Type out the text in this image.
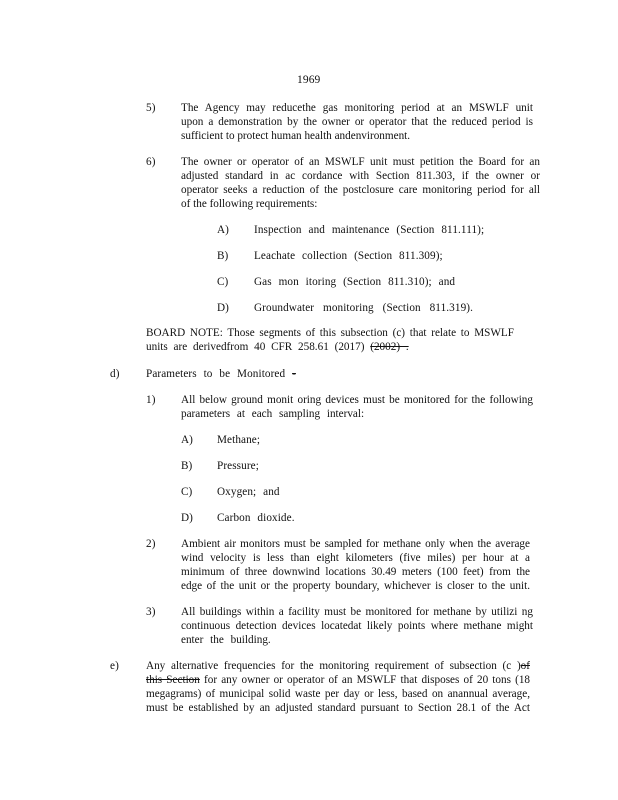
1969
5) The Agency may reducethe gas monitoring period at an MSWLF unit
upon a demonstration by the owner or operator that the reduced period is
sufficient to protect human health andenvironment.
6) The owner or operator of an MSWLF unit must petition the Board for an
adjusted standard in ac cordance with Section 811.303, if the owner or
operator seeks a reduction of the postclosure care monitoring period for all
of the following requirements:
A) Inspection and maintenance (Section 811.111);
B) Leachate collection (Section 811.309);
C) Gas mon itoring (Section 811.310); and
D) Groundwater monitoring (Section 811.319).
BOARD NOTE: Those segments of this subsection (c) that relate to MSWLF
units are derivedfrom 40 CFR 258.61 (2017) (2002) .
d) Parameters to be Monitored -
1) All below ground monit oring devices must be monitored for the following
parameters at each sampling interval:
A) Methane;
B) Pressure;
C) Oxygen; and
D) Carbon dioxide.
2) Ambient air monitors must be sampled for methane only when the average
wind velocity is less than eight kilometers (five miles) per hour at a
minimum of three downwind locations 30.49 meters (100 feet) from the
edge of the unit or the property boundary, whichever is closer to the unit.
3) All buildings within a facility must be monitored for methane by utilizi ng
continuous detection devices locatedat likely points where methane might
enter the building.
e) Any alternative frequencies for the monitoring requirement of subsection (c )of
this Section for any owner or operator of an MSWLF that disposes of 20 tons (18
megagrams) of municipal solid waste per day or less, based on anannual average,
must be established by an adjusted standard pursuant to Section 28.1 of the Act
